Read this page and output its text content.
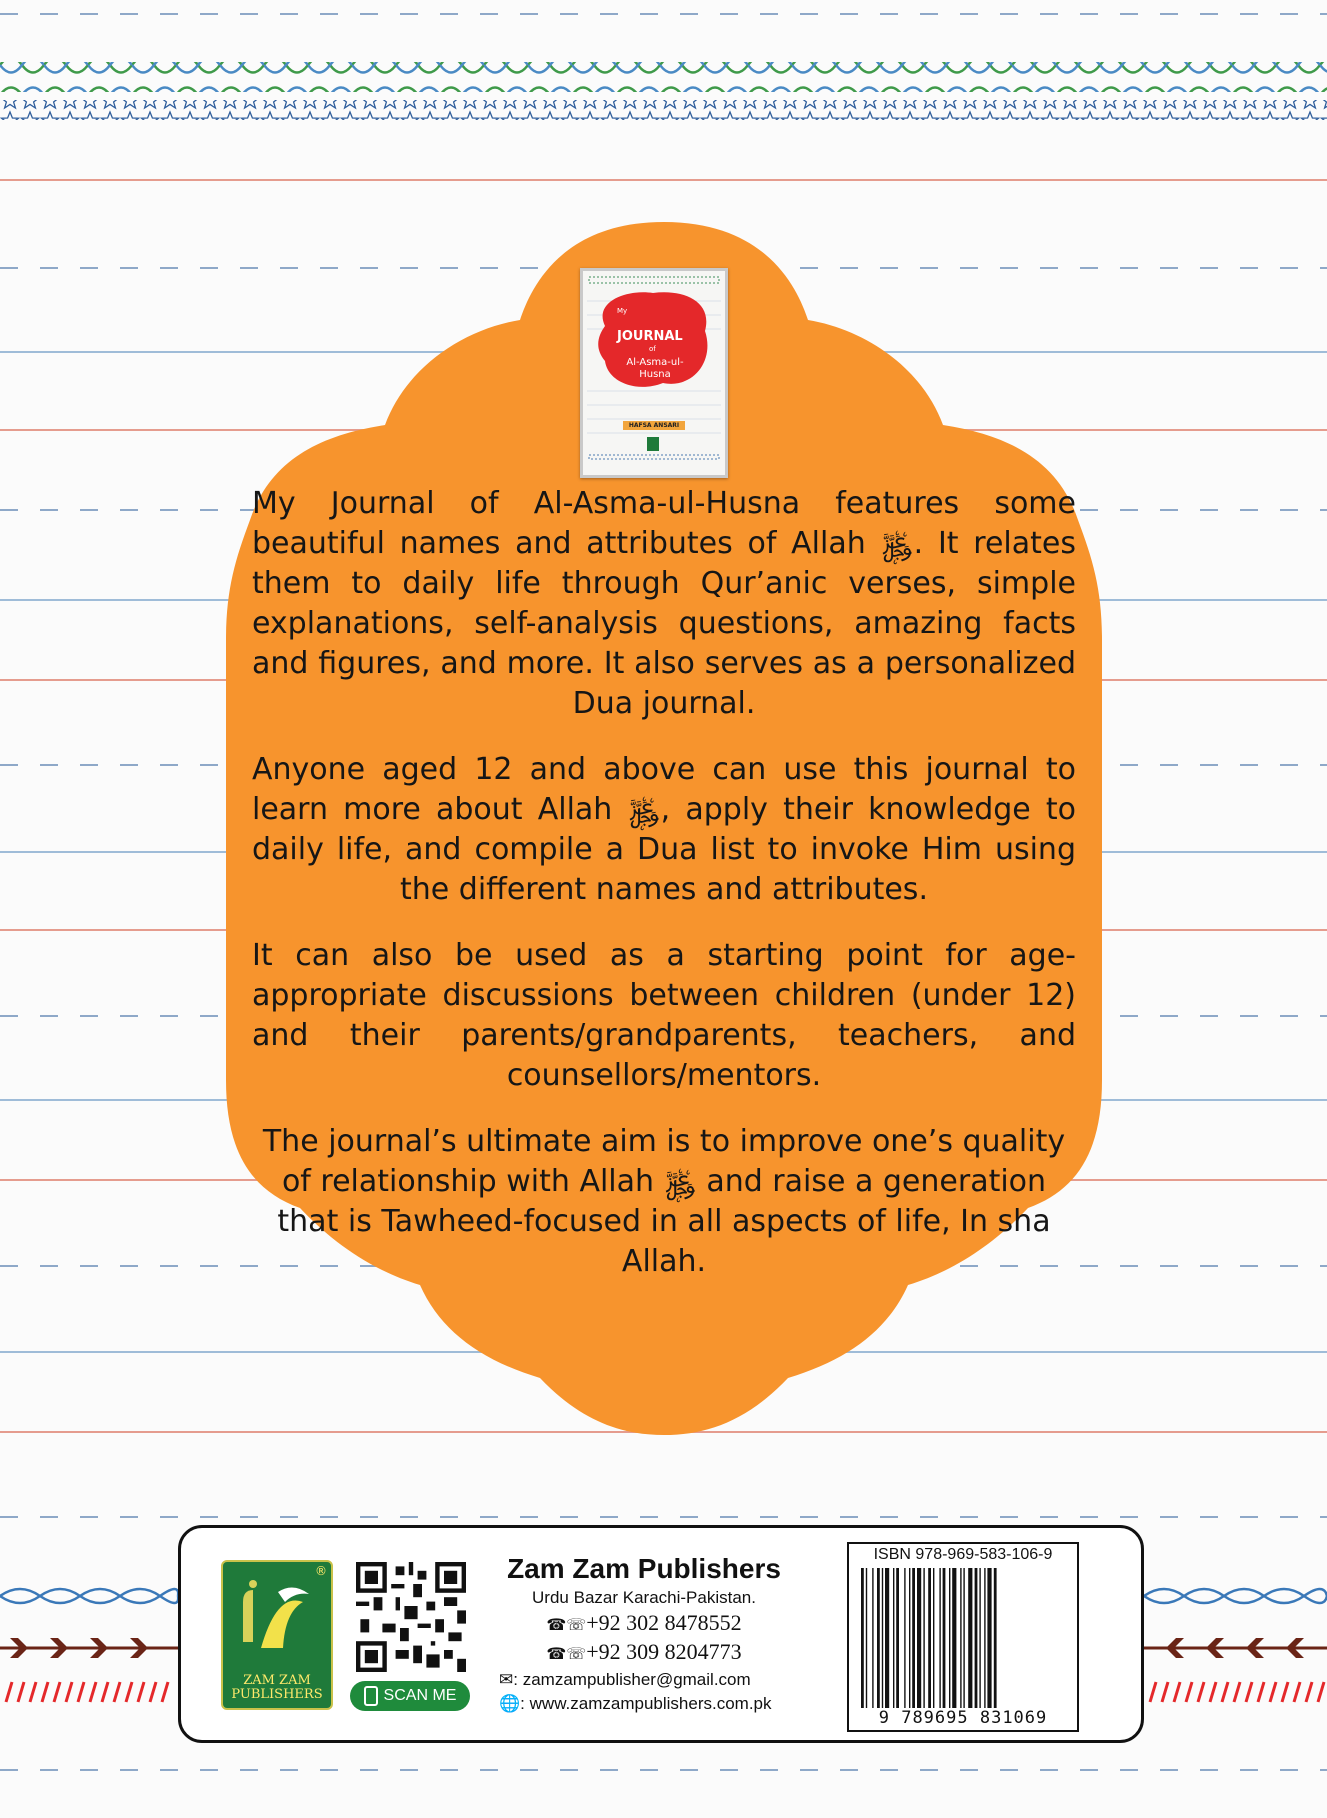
My
JOURNAL
of
Al-Asma-ul-Husna
HAFSA ANSARI

My Journal of Al-Asma-ul-Husna features some beautiful names and attributes of Allah ﷿. It relates them to daily life through Qur’anic verses, simple explanations, self-analysis questions, amazing facts and figures, and more. It also serves as a personalized Dua journal.

Anyone aged 12 and above can use this journal to learn more about Allah ﷿, apply their knowledge to daily life, and compile a Dua list to invoke Him using the different names and attributes.

It can also be used as a starting point for age-appropriate discussions between children (under 12) and their parents/grandparents, teachers, and counsellors/mentors.

The journal’s ultimate aim is to improve one’s quality of relationship with Allah ﷿ and raise a generation that is Tawheed-focused in all aspects of life, In sha Allah.

®
ZAM ZAM
PUBLISHERS	SCAN ME
Zam Zam Publishers
Urdu Bazar Karachi-Pakistan.
☎☏+92 302 8478552
☎☏+92 309 8204773
✉: zamzampublisher@gmail.com
🌐: www.zamzampublishers.com.pk
ISBN 978-969-583-106-9
9 789695 831069
